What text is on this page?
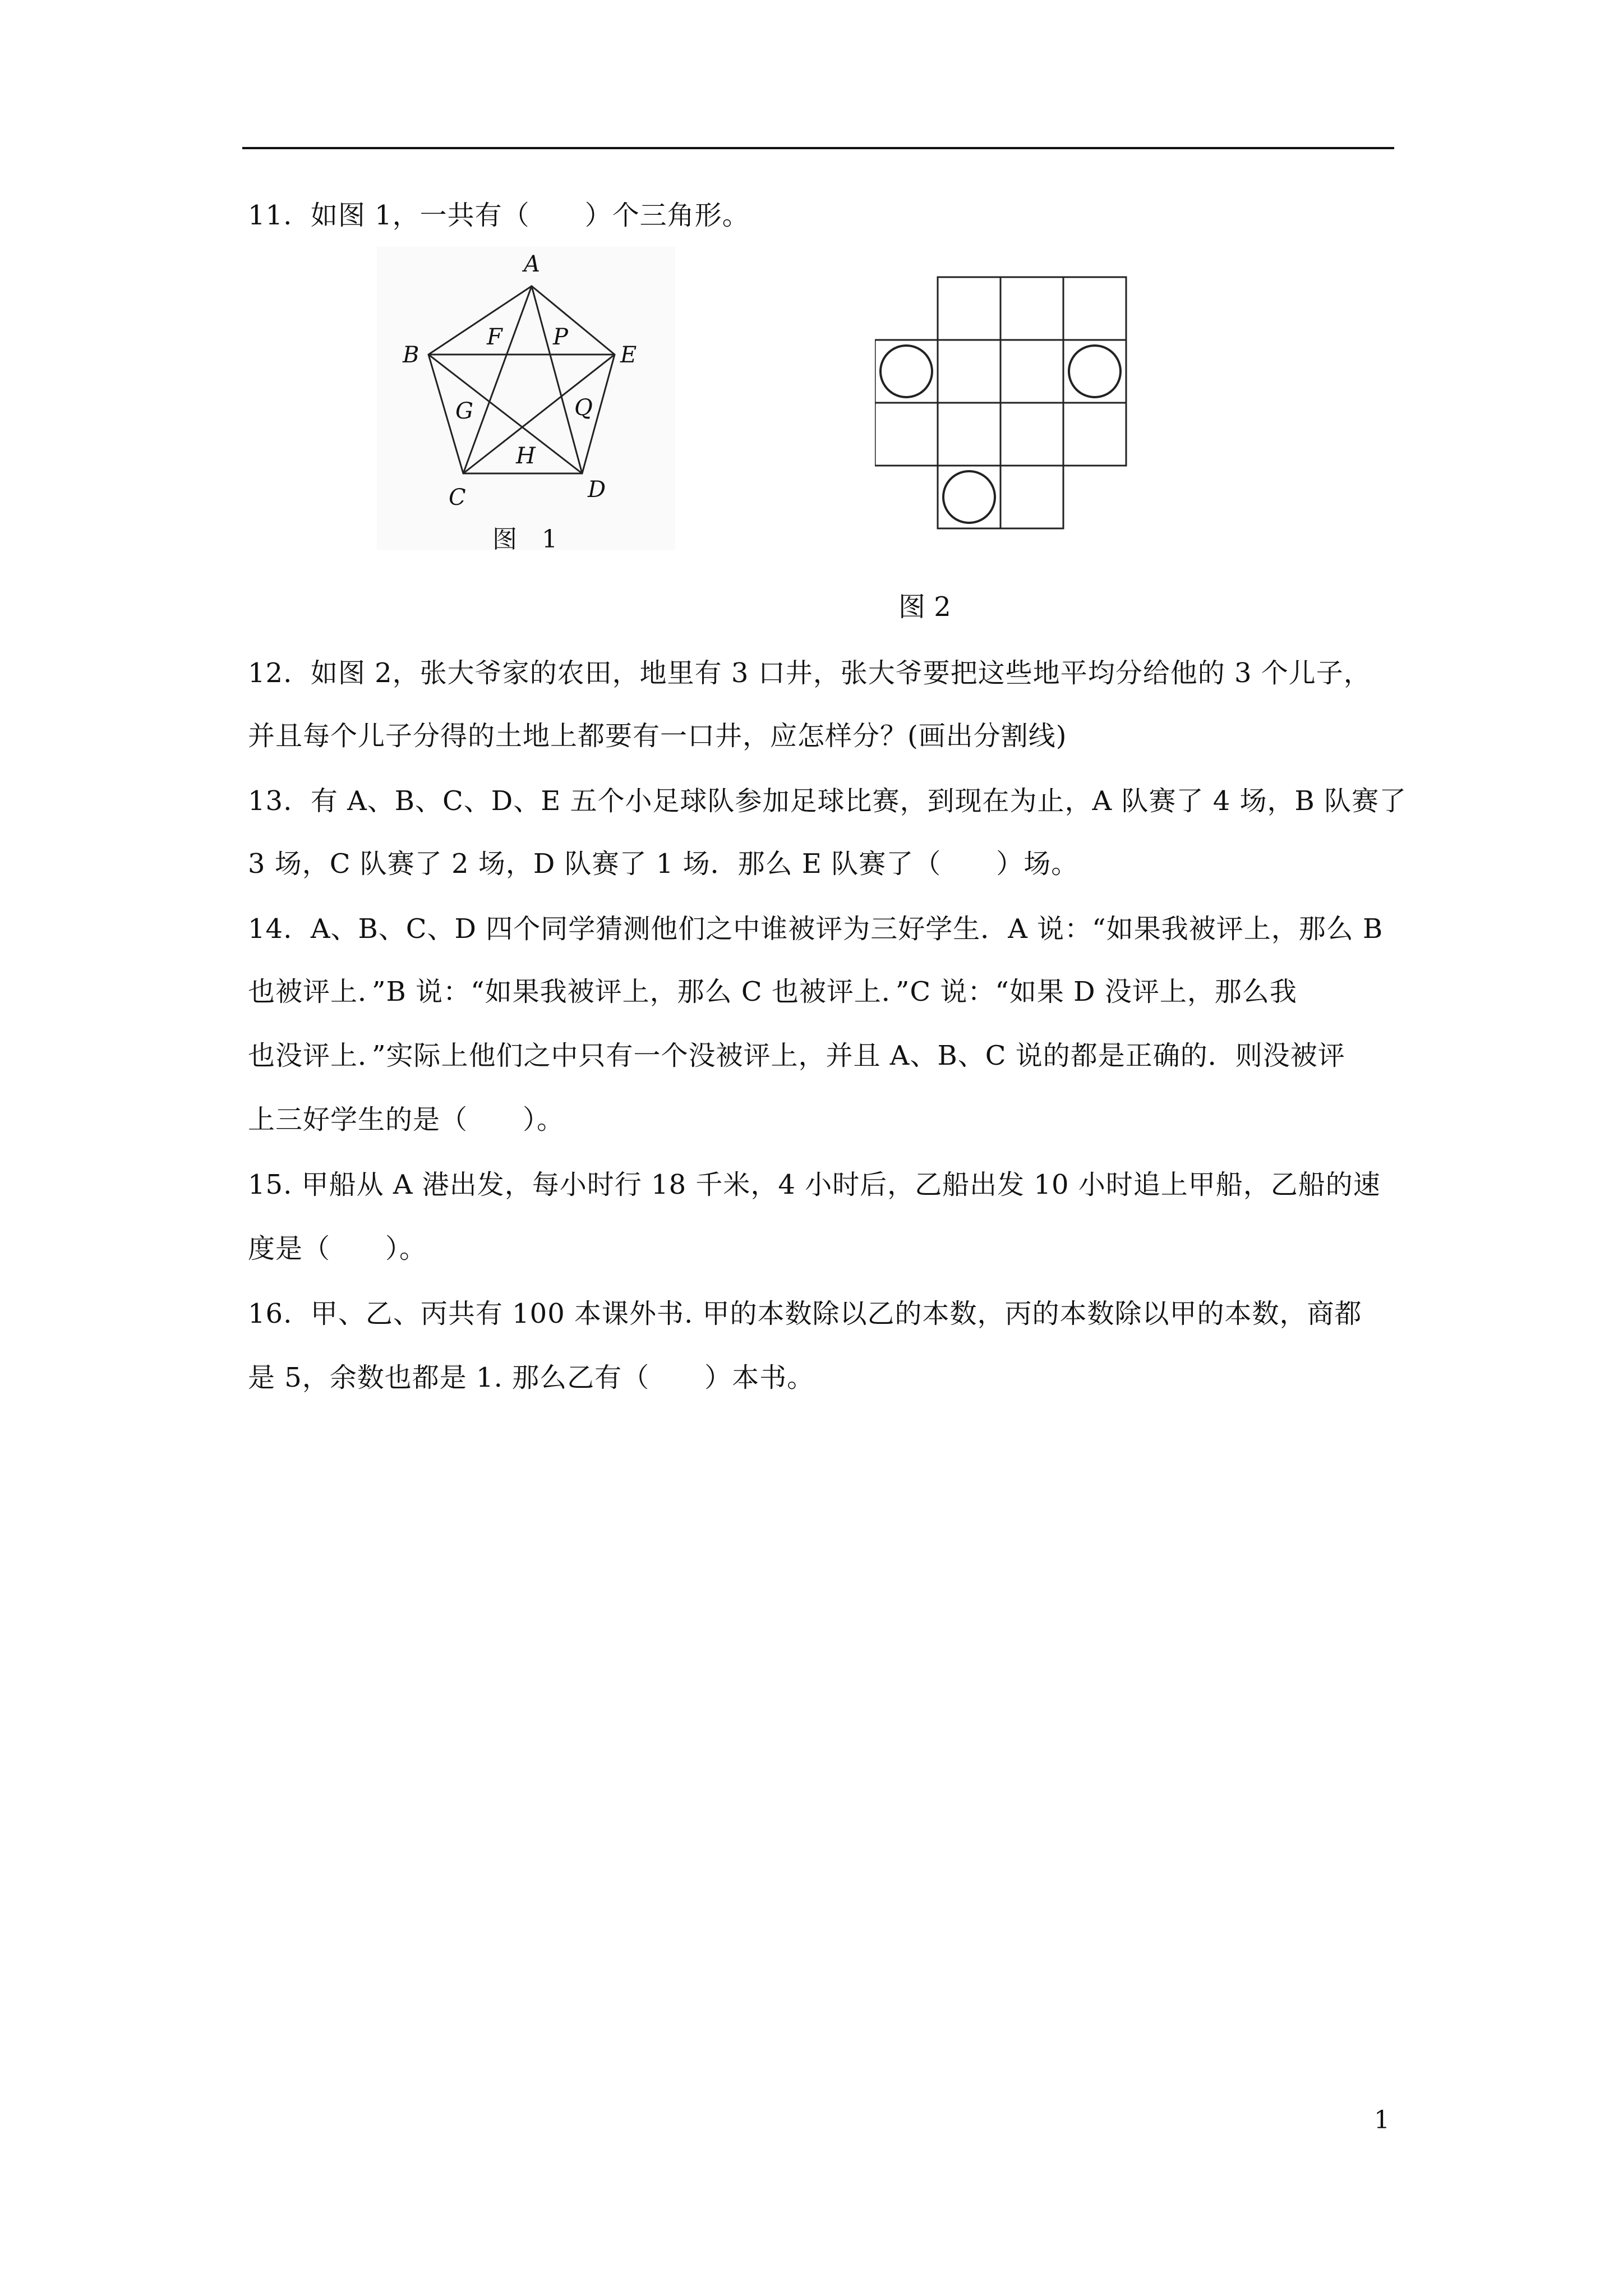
11.  如图 1，一共有（　　）个三角形。
A
B
C	D
E
F P
G	Q
H
图　1
图 2
12.  如图 2，张大爷家的农田，地里有 3 口井，张大爷要把这些地平均分给他的 3 个儿子，
并且每个儿子分得的土地上都要有一口井，应怎样分？(画出分割线)
13.  有 A、B、C、D、E 五个小足球队参加足球比赛，到现在为止，A 队赛了 4 场，B 队赛了
3 场，C 队赛了 2 场，D 队赛了 1 场．那么 E 队赛了（　　）场。
14.  A、B、C、D 四个同学猜测他们之中谁被评为三好学生．A 说：“如果我被评上，那么 B
也被评上．”B 说：“如果我被评上，那么 C 也被评上．”C 说：“如果 D 没评上，那么我
也没评上．”实际上他们之中只有一个没被评上，并且 A、B、C 说的都是正确的．则没被评
上三好学生的是（　　）。
15. 甲船从 A 港出发，每小时行 18 千米，4 小时后，乙船出发 10 小时追上甲船，乙船的速
度是（　　）。
16.  甲、乙、丙共有 100 本课外书. 甲的本数除以乙的本数，丙的本数除以甲的本数，商都
是 5，余数也都是 1. 那么乙有（　　）本书。
1
